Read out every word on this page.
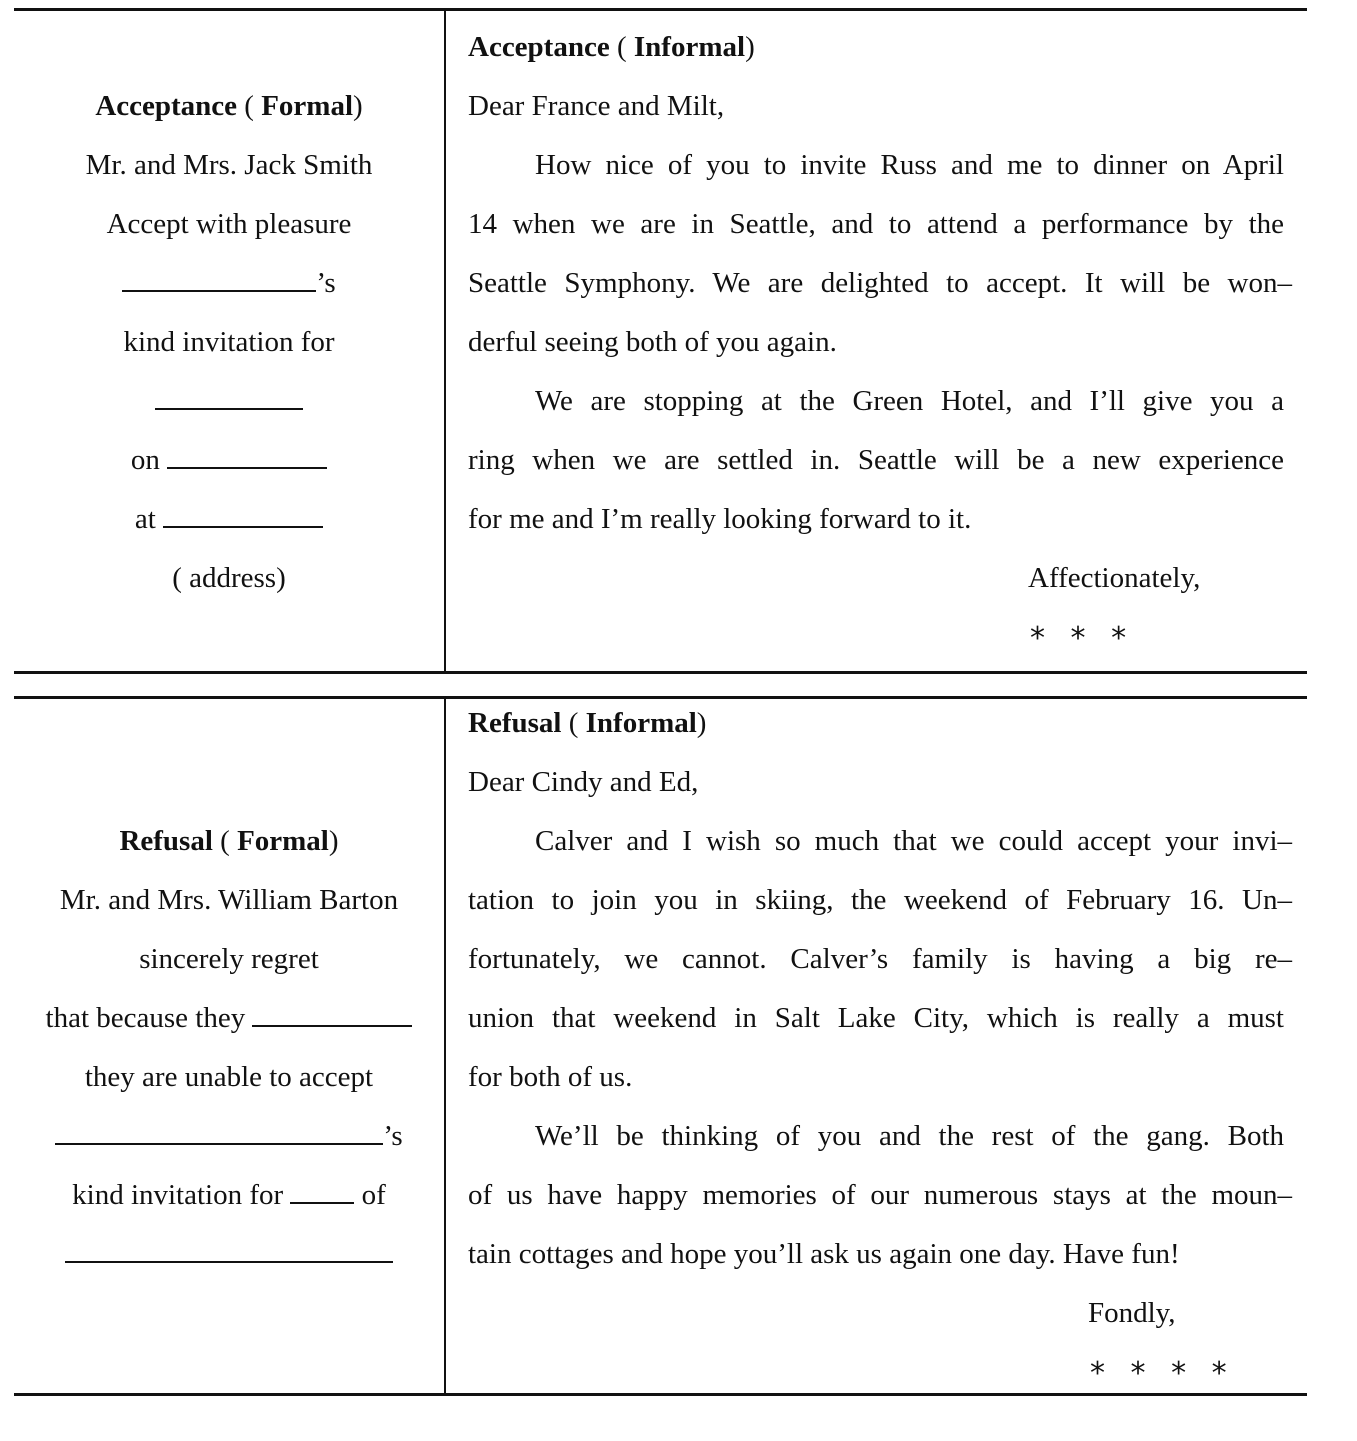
Acceptance ( Formal)
Mr. and Mrs. Jack Smith
Accept with pleasure
’s
kind invitation for
on
at
( address)
Acceptance ( Informal)
Dear France and Milt,
How nice of you to invite Russ and me to dinner on April
14 when we are in Seattle, and to attend a performance by the
Seattle Symphony. We are delighted to accept. It will be won–
derful seeing both of you again.
We are stopping at the Green Hotel, and I’ll give you a
ring when we are settled in. Seattle will be a new experience
for me and I’m really looking forward to it.
Affectionately,
* * *
Refusal ( Formal)
Mr. and Mrs. William Barton
sincerely regret
that because they
they are unable to accept
’s
kind invitation for	of
Refusal ( Informal)
Dear Cindy and Ed,
Calver and I wish so much that we could accept your invi–
tation to join you in skiing, the weekend of February 16. Un–
fortunately, we cannot. Calver’s family is having a big re–
union that weekend in Salt Lake City, which is really a must
for both of us.
We’ll be thinking of you and the rest of the gang. Both
of us have happy memories of our numerous stays at the moun–
tain cottages and hope you’ll ask us again one day. Have fun!
Fondly,
* * * *
